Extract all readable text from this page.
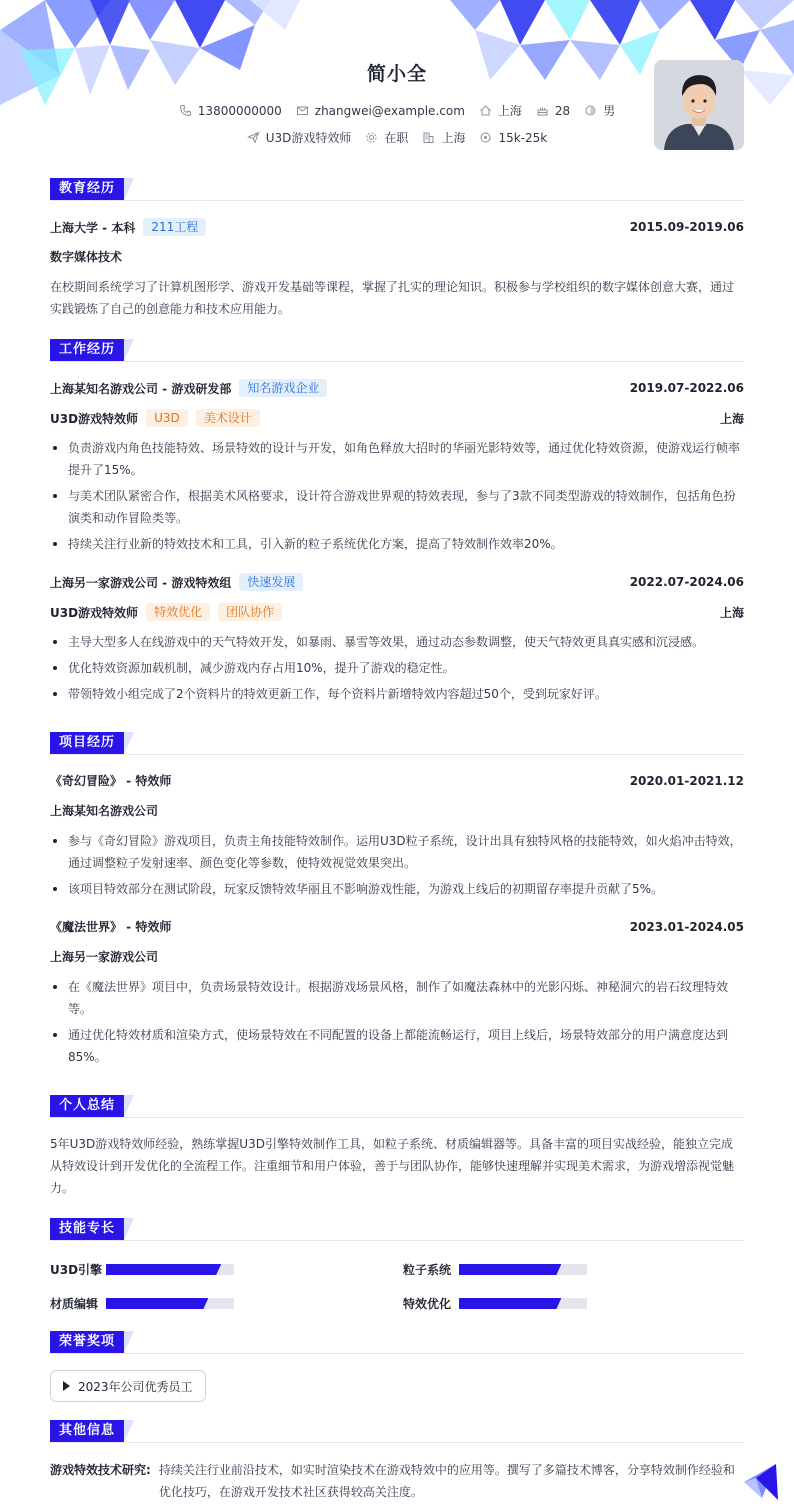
简小全
13800000000	zhangwei@example.com	上海	28	男
U3D游戏特效师	在职	上海	15k-25k
教育经历
上海大学 - 本科	211工程	2015.09-2019.06
数字媒体技术
在校期间系统学习了计算机图形学、游戏开发基础等课程，掌握了扎实的理论知识。积极参与学校组织的数字媒体创意大赛，通过实践锻炼了自己的创意能力和技术应用能力。
工作经历
上海某知名游戏公司 - 游戏研发部	知名游戏企业	2019.07-2022.06
U3D游戏特效师	U3D	美术设计	上海
负责游戏内角色技能特效、场景特效的设计与开发，如角色释放大招时的华丽光影特效等，通过优化特效资源，使游戏运行帧率提升了15%。
与美术团队紧密合作，根据美术风格要求，设计符合游戏世界观的特效表现，参与了3款不同类型游戏的特效制作，包括角色扮演类和动作冒险类等。
持续关注行业新的特效技术和工具，引入新的粒子系统优化方案，提高了特效制作效率20%。
上海另一家游戏公司 - 游戏特效组	快速发展	2022.07-2024.06
U3D游戏特效师	特效优化	团队协作	上海
主导大型多人在线游戏中的天气特效开发，如暴雨、暴雪等效果，通过动态参数调整，使天气特效更具真实感和沉浸感。
优化特效资源加载机制，减少游戏内存占用10%，提升了游戏的稳定性。
带领特效小组完成了2个资料片的特效更新工作，每个资料片新增特效内容超过50个，受到玩家好评。
项目经历
《奇幻冒险》 - 特效师	2020.01-2021.12
上海某知名游戏公司
参与《奇幻冒险》游戏项目，负责主角技能特效制作。运用U3D粒子系统，设计出具有独特风格的技能特效，如火焰冲击特效，通过调整粒子发射速率、颜色变化等参数，使特效视觉效果突出。
该项目特效部分在测试阶段，玩家反馈特效华丽且不影响游戏性能，为游戏上线后的初期留存率提升贡献了5%。
《魔法世界》 - 特效师	2023.01-2024.05
上海另一家游戏公司
在《魔法世界》项目中，负责场景特效设计。根据游戏场景风格，制作了如魔法森林中的光影闪烁、神秘洞穴的岩石纹理特效等。
通过优化特效材质和渲染方式，使场景特效在不同配置的设备上都能流畅运行，项目上线后，场景特效部分的用户满意度达到85%。
个人总结
5年U3D游戏特效师经验，熟练掌握U3D引擎特效制作工具，如粒子系统、材质编辑器等。具备丰富的项目实战经验，能独立完成从特效设计到开发优化的全流程工作。注重细节和用户体验，善于与团队协作，能够快速理解并实现美术需求，为游戏增添视觉魅力。
技能专长
U3D引擎	粒子系统
材质编辑	特效优化
荣誉奖项
2023年公司优秀员工
其他信息
游戏特效技术研究: 持续关注行业前沿技术，如实时渲染技术在游戏特效中的应用等。撰写了多篇技术博客，分享特效制作经验和优化技巧，在游戏开发技术社区获得较高关注度。
